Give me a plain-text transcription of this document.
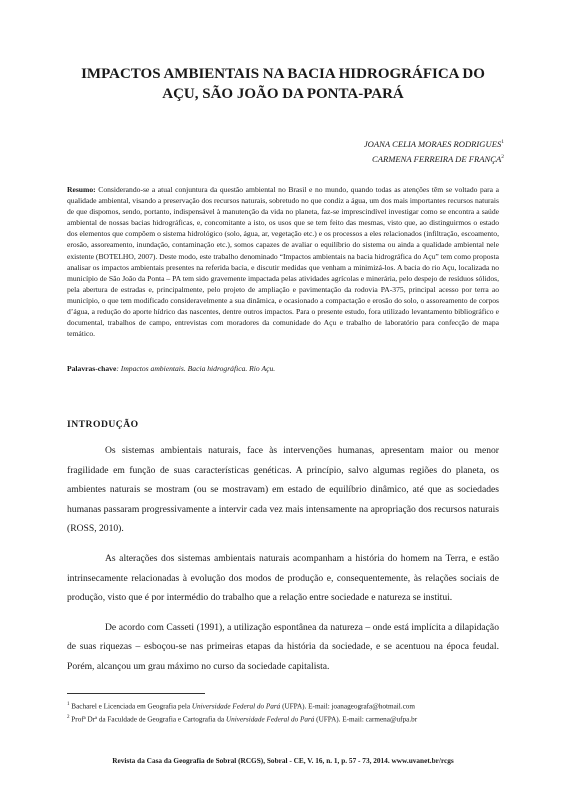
IMPACTOS AMBIENTAIS NA BACIA HIDROGRÁFICA DO
AÇU, SÃO JOÃO DA PONTA-PARÁ
JOANA CELIA MORAES RODRIGUES$^1$
CARMENA FERREIRA DE FRANÇA$^2$
Resumo: Considerando-se a atual conjuntura da questão ambiental no Brasil e no mundo, quando todas as atenções têm se voltado para a qualidade ambiental, visando a preservação dos recursos naturais, sobretudo no que condiz a água, um dos mais importantes recursos naturais de que dispomos, sendo, portanto, indispensável à manutenção da vida no planeta, faz-se imprescindível investigar como se encontra a saúde ambiental de nossas bacias hidrográficas, e, concomitante a isto, os usos que se tem feito das mesmas, visto que, ao distinguirmos o estado dos elementos que compõem o sistema hidrológico (solo, água, ar, vegetação etc.) e os processos a eles relacionados (infiltração, escoamento, erosão, assoreamento, inundação, contaminação etc.), somos capazes de avaliar o equilíbrio do sistema ou ainda a qualidade ambiental nele existente (BOTELHO, 2007). Deste modo, este trabalho denominado “Impactos ambientais na bacia hidrográfica do Açu” tem como proposta analisar os impactos ambientais presentes na referida bacia, e discutir medidas que venham a minimizá-los. A bacia do rio Açu, localizada no município de São João da Ponta – PA tem sido gravemente impactada pelas atividades agrícolas e minerária, pelo despejo de resíduos sólidos, pela abertura de estradas e, principalmente, pelo projeto de ampliação e pavimentação da rodovia PA-375, principal acesso por terra ao município, o que tem modificado consideravelmente a sua dinâmica, e ocasionado a compactação e erosão do solo, o assoreamento de corpos d’água, a redução do aporte hídrico das nascentes, dentre outros impactos. Para o presente estudo, fora utilizado levantamento bibliográfico e documental, trabalhos de campo, entrevistas com moradores da comunidade do Açu e trabalho de laboratório para confecção de mapa temático.
Palavras-chave: Impactos ambientais. Bacia hidrográfica. Rio Açu.
INTRODUÇÃO

Os sistemas ambientais naturais, face às intervenções humanas, apresentam maior ou menor fragilidade em função de suas características genéticas. A princípio, salvo algumas regiões do planeta, os ambientes naturais se mostram (ou se mostravam) em estado de equilíbrio dinâmico, até que as sociedades humanas passaram progressivamente a intervir cada vez mais intensamente na apropriação dos recursos naturais (ROSS, 2010).

As alterações dos sistemas ambientais naturais acompanham a história do homem na Terra, e estão intrinsecamente relacionadas à evolução dos modos de produção e, consequentemente, às relações sociais de produção, visto que é por intermédio do trabalho que a relação entre sociedade e natureza se institui.

De acordo com Casseti (1991), a utilização espontânea da natureza – onde está implícita a dilapidação de suas riquezas – esboçou-se nas primeiras etapas da história da sociedade, e se acentuou na época feudal. Porém, alcançou um grau máximo no curso da sociedade capitalista.

$^1$ Bacharel e Licenciada em Geografia pela Universidade Federal do Pará (UFPA). E-mail: joanageografa@hotmail.com
$^2$ Profª Drª da Faculdade de Geografia e Cartografia da Universidade Federal do Pará (UFPA). E-mail: carmena@ufpa.br
Revista da Casa da Geografia de Sobral (RCGS), Sobral - CE, V. 16, n. 1, p. 57 - 73, 2014. www.uvanet.br/rcgs
